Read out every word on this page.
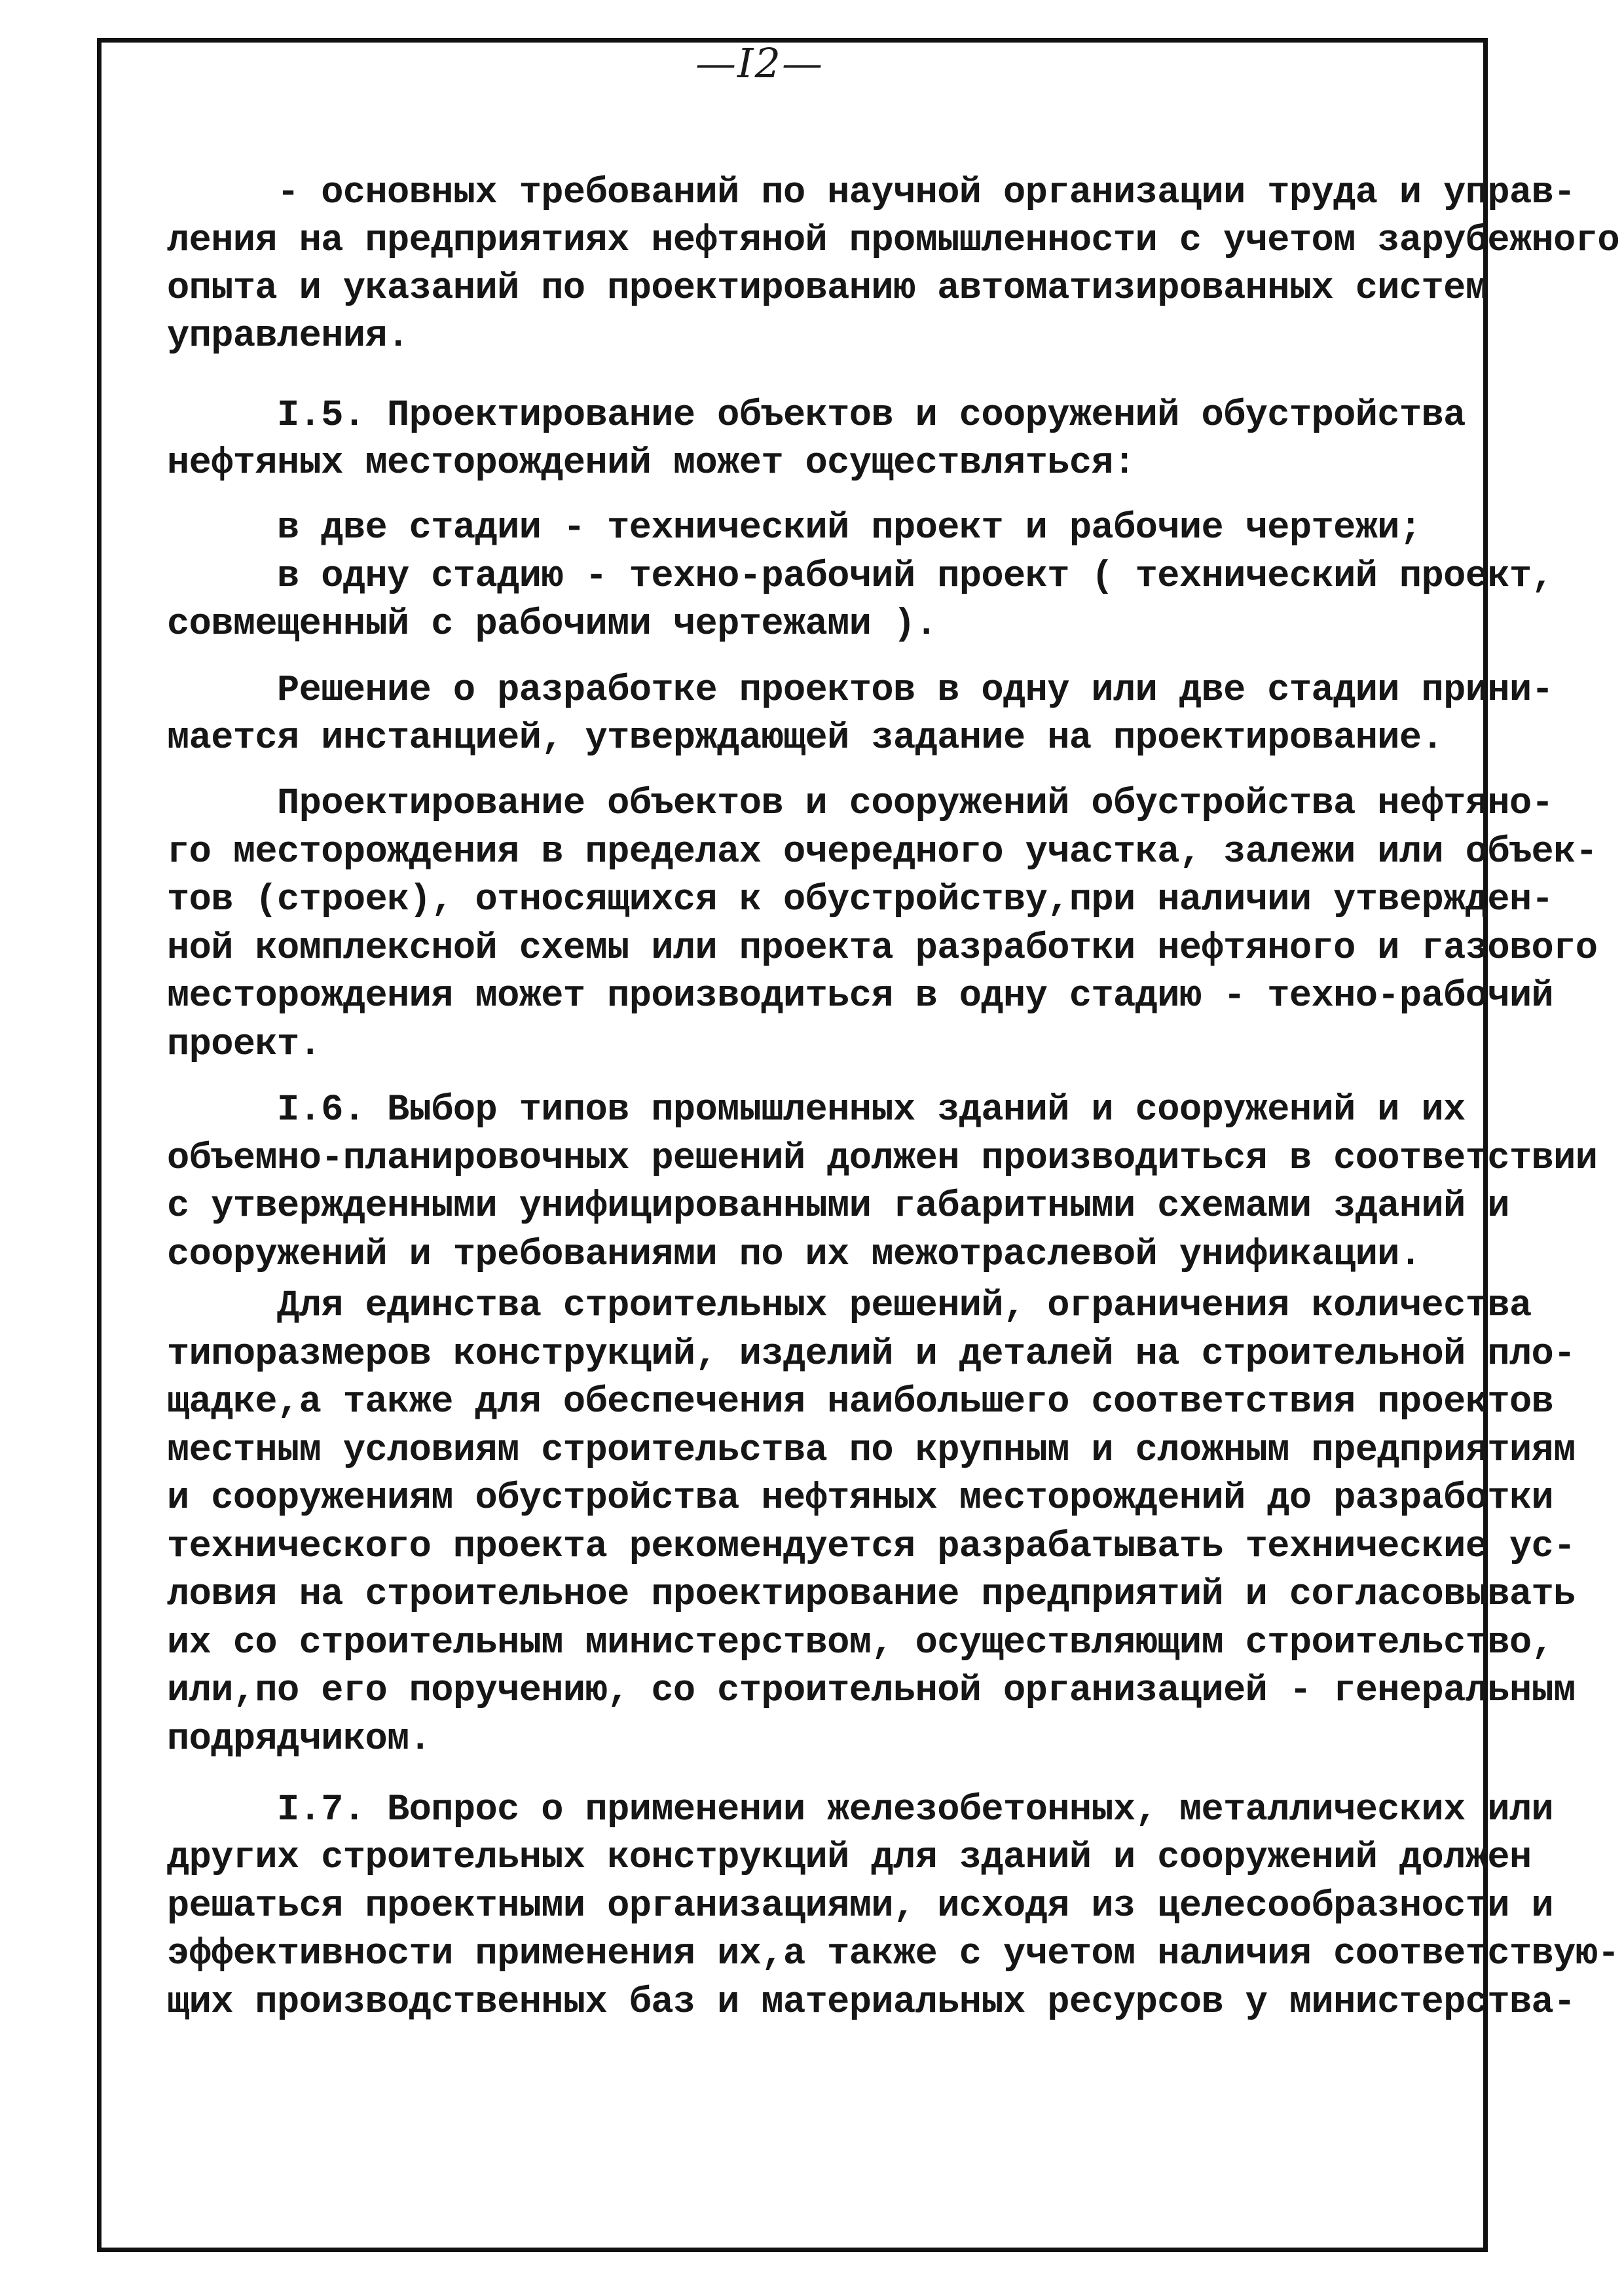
—I2—

- основных требований по научной организации труда и управ-

ления на предприятиях нефтяной промышленности с учетом зарубежного

опыта и указаний по проектированию автоматизированных систем

управления.

I.5. Проектирование объектов и сооружений обустройства

нефтяных месторождений может осуществляться:

в две стадии - технический проект и рабочие чертежи;

в одну стадию - техно-рабочий проект ( технический проект,

совмещенный с рабочими чертежами ).

Решение о разработке проектов в одну или две стадии прини-

мается инстанцией, утверждающей задание на проектирование.

Проектирование объектов и сооружений обустройства нефтяно-

го месторождения в пределах очередного участка, залежи или объек-

тов (строек), относящихся к обустройству,при наличии утвержден-

ной комплексной схемы или проекта разработки нефтяного и газового

месторождения может производиться в одну стадию - техно-рабочий

проект.

I.6. Выбор типов промышленных зданий и сооружений и их

объемно-планировочных решений должен производиться в соответствии

с утвержденными унифицированными габаритными схемами зданий и

сооружений и требованиями по их межотраслевой унификации.

Для единства строительных решений, ограничения количества

типоразмеров конструкций, изделий и деталей на строительной пло-

щадке,а также для обеспечения наибольшего соответствия проектов

местным условиям строительства по крупным и сложным предприятиям

и сооружениям обустройства нефтяных месторождений до разработки

технического проекта рекомендуется разрабатывать технические ус-

ловия на строительное проектирование предприятий и согласовывать

их со строительным министерством, осуществляющим строительство,

или,по его поручению, со строительной организацией - генеральным

подрядчиком.

I.7. Вопрос о применении железобетонных, металлических или

других строительных конструкций для зданий и сооружений должен

решаться проектными организациями, исходя из целесообразности и

эффективности применения их,а также с учетом наличия соответствую-

щих производственных баз и материальных ресурсов у министерства-
